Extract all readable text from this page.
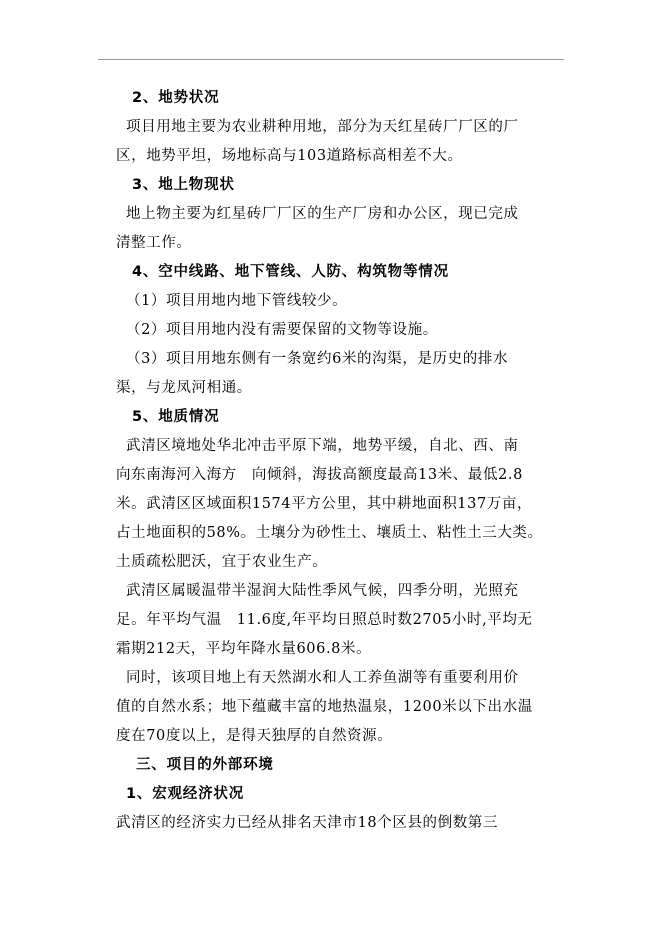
2、地势状况
项目用地主要为农业耕种用地，部分为天红星砖厂厂区的厂
区，地势平坦，场地标高与103道路标高相差不大。
3、地上物现状
地上物主要为红星砖厂厂区的生产厂房和办公区，现已完成
清整工作。
4、空中线路、地下管线、人防、构筑物等情况
（1）项目用地内地下管线较少。
（2）项目用地内没有需要保留的文物等设施。
（3）项目用地东侧有一条宽约6米的沟渠，是历史的排水
渠，与龙凤河相通。
5、地质情况
武清区境地处华北冲击平原下端，地势平缓，自北、西、南
向东南海河入海方　向倾斜，海拔高额度最高13米、最低2.8
米。武清区区域面积1574平方公里，其中耕地面积137万亩，
占土地面积的58%。土壤分为砂性土、壤质土、粘性土三大类。
土质疏松肥沃，宜于农业生产。
武清区属暖温带半湿润大陆性季风气候，四季分明，光照充
足。年平均气温　11.6度,年平均日照总时数2705小时,平均无
霜期212天，平均年降水量606.8米。
同时，该项目地上有天然湖水和人工养鱼湖等有重要利用价
值的自然水系；地下蕴藏丰富的地热温泉，1200米以下出水温
度在70度以上，是得天独厚的自然资源。
三、项目的外部环境
1、宏观经济状况
武清区的经济实力已经从排名天津市18个区县的倒数第三
